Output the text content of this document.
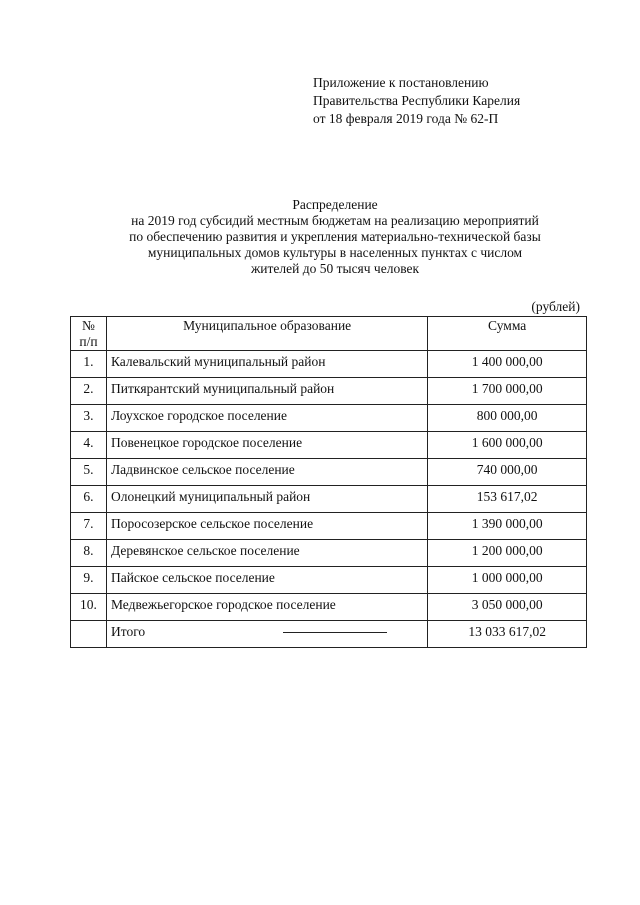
Приложение к постановлению
Правительства Республики Карелия
от 18 февраля 2019 года № 62-П
Распределение
на 2019 год субсидий местным бюджетам на реализацию мероприятий
по обеспечению развития и укрепления материально-технической базы
муниципальных домов культуры в населенных пунктах с числом
жителей до 50 тысяч человек
(рублей)
№
п/п	Муниципальное образование	Сумма
1.	Калевальский муниципальный район	1 400 000,00
2.	Питкярантский муниципальный район	1 700 000,00
3.	Лоухское городское поселение	800 000,00
4.	Повенецкое городское поселение	1 600 000,00
5.	Ладвинское сельское поселение	740 000,00
6.	Олонецкий муниципальный район	153 617,02
7.	Поросозерское сельское поселение	1 390 000,00
8.	Деревянское сельское поселение	1 200 000,00
9.	Пайское сельское поселение	1 000 000,00
10.	Медвежьегорское городское поселение	3 050 000,00
	Итого	13 033 617,02
